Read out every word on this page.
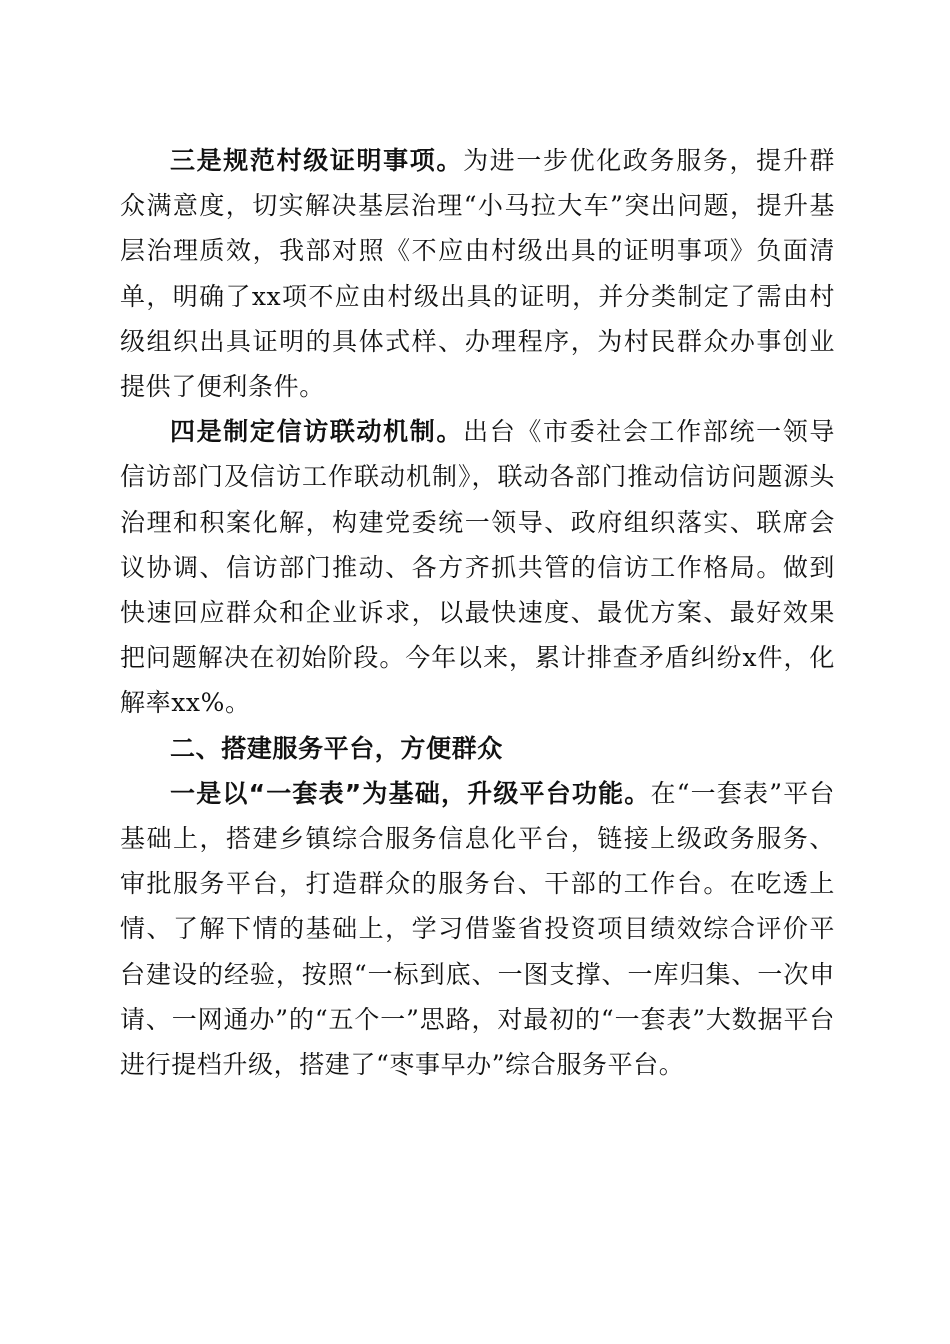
三是规范村级证明事项。为进一步优化政务服务，提升群众满意度，切实解决基层治理“小马拉大车”突出问题，提升基层治理质效，我部对照《不应由村级出具的证明事项》负面清单，明确了xx项不应由村级出具的证明，并分类制定了需由村级组织出具证明的具体式样、办理程序，为村民群众办事创业提供了便利条件。

四是制定信访联动机制。出台《市委社会工作部统一领导信访部门及信访工作联动机制》，联动各部门推动信访问题源头治理和积案化解，构建党委统一领导、政府组织落实、联席会议协调、信访部门推动、各方齐抓共管的信访工作格局。做到快速回应群众和企业诉求，以最快速度、最优方案、最好效果把问题解决在初始阶段。今年以来，累计排查矛盾纠纷x件，化解率xx%。

二、搭建服务平台，方便群众

一是以“一套表”为基础，升级平台功能。在“一套表”平台基础上，搭建乡镇综合服务信息化平台，链接上级政务服务、审批服务平台，打造群众的服务台、干部的工作台。在吃透上情、了解下情的基础上，学习借鉴省投资项目绩效综合评价平台建设的经验，按照“一标到底、一图支撑、一库归集、一次申请、一网通办”的“五个一”思路，对最初的“一套表”大数据平台进行提档升级，搭建了“枣事早办”综合服务平台。
